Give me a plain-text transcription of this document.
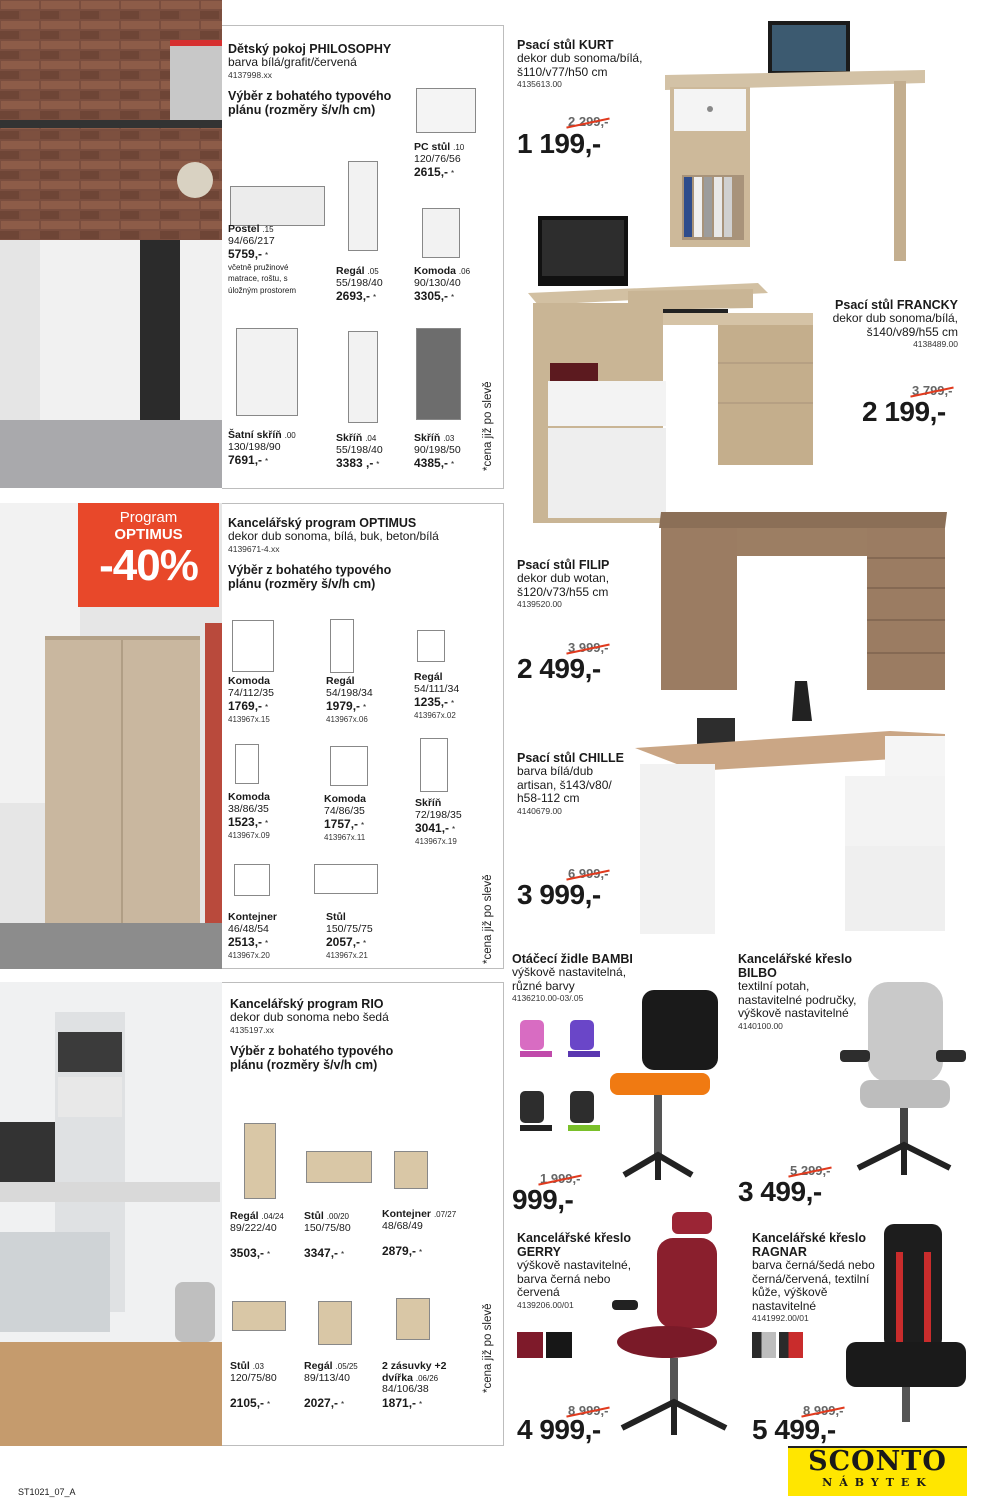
Dětský pokoj PHILOSOPHY
barva bílá/grafit/červená
4137998.xx
Výběr z bohatého typového plánu (rozměry š/v/h cm)
PC stůl .10
120/76/56
2615,- *
Postel .15
94/66/217
5759,- *
včetně pružinové matrace, roštu, s úložným prostorem
Regál .05
55/198/40
2693,- *
Komoda .06
90/130/40
3305,- *
Šatní skříň .00
130/198/90
7691,- *
Skříň .04
55/198/40
3383 ,- *
Skříň .03
90/198/50
4385,- *	*cena již po slevě
Program
OPTIMUS
-40%
Kancelářský program OPTIMUS
dekor dub sonoma, bílá, buk, beton/bílá
4139671-4.xx
Výběr z bohatého typového plánu (rozměry š/v/h cm)
Komoda
74/112/35
1769,- *
413967x.15
Regál
54/198/34
1979,- *
413967x.06
Regál
54/111/34
1235,- *
413967x.02
Komoda
38/86/35
1523,- *
413967x.09
Komoda
74/86/35
1757,- *
413967x.11
Skříň
72/198/35
3041,- *
413967x.19
Kontejner
46/48/54
2513,- *
413967x.20
Stůl
150/75/75
2057,- *
413967x.21	*cena již po slevě
Kancelářský program RIO
dekor dub sonoma nebo šedá
4135197.xx
Výběr z bohatého typového plánu (rozměry š/v/h cm)
Regál .04/24
89/222/40

3503,- *
Stůl .00/20
150/75/80

3347,- *
Kontejner .07/27
48/68/49

2879,- *
Stůl .03
120/75/80

2105,- *
Regál .05/25
89/113/40

2027,- *
2 zásuvky +2 dvířka .06/26
84/106/38
1871,- *
*cena již po slevě
Psací stůl KURT
dekor dub sonoma/bílá, š110/v77/h50 cm
4135613.00
2 299,-
1 199,-
Psací stůl FRANCKY
dekor dub sonoma/bílá, š140/v89/h55 cm
4138489.00
3 799,-
2 199,-
Psací stůl FILIP
dekor dub wotan, š120/v73/h55 cm
4139520.00
3 999,-
2 499,-
Psací stůl CHILLE
barva bílá/dub artisan, š143/v80/ h58-112 cm
4140679.00
6 999,-
3 999,-
Otáčecí židle BAMBI
výškově nastavitelná, různé barvy
4136210.00-03/.05
1 999,-
999,-
Kancelářské křeslo BILBO
textilní potah, nastavitelné područky, výškově nastavitelné
4140100.00
5 299,-
3 499,-
Kancelářské křeslo GERRY
výškově nastavitelné, barva černá nebo červená
4139206.00/01
8 999,-
4 999,-
Kancelářské křeslo RAGNAR
barva černá/šedá nebo černá/červená, textilní kůže, výškově nastavitelné
4141992.00/01
8 999,-
5 499,-
SCONTO
NÁBYTEK
ST1021_07_A
